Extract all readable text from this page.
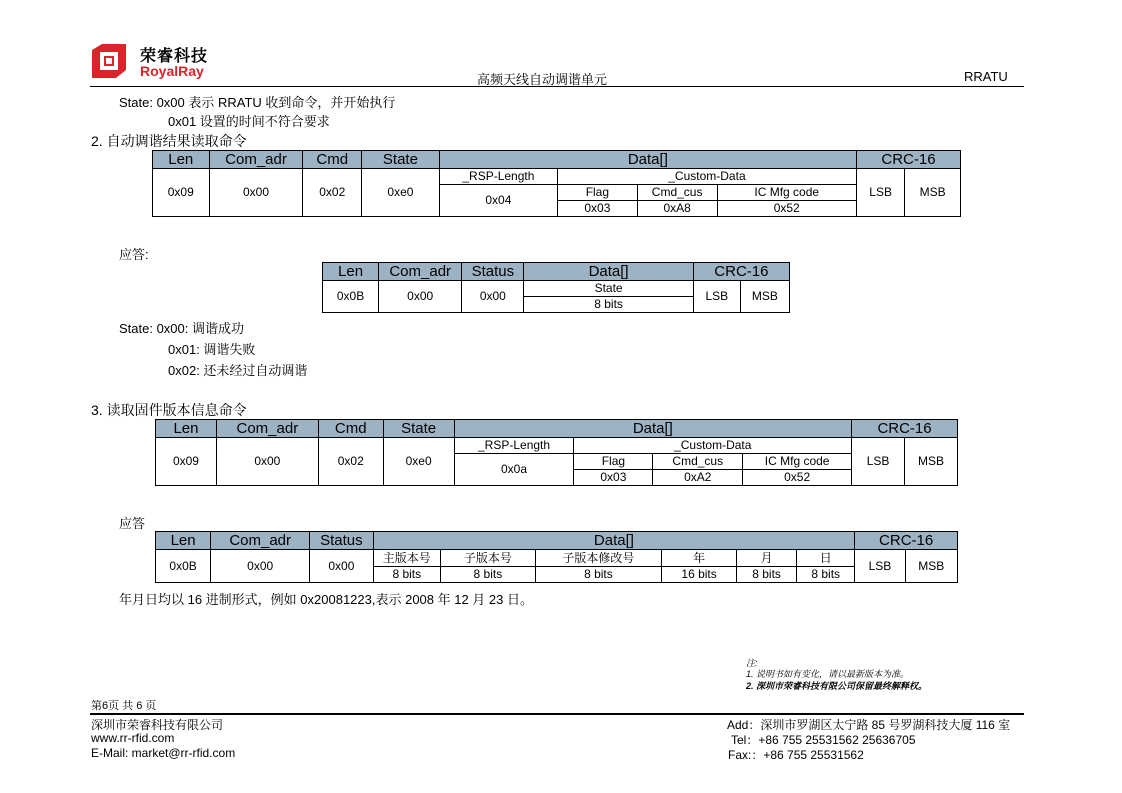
荣睿科技
RoyalRay
高频天线自动调谐单元	RRATU
State: 0x00 表示 RRATU 收到命令，并开始执行
0x01 设置的时间不符合要求
2. 自动调谐结果读取命令
Len	Com_adr	Cmd	State	Data[]				CRC-16	
0x09	0x00	0x02	0xe0	_RSP-Length	_Custom-Data			LSB	MSB
				0x04	Flag	Cmd_cus	IC Mfg code		
					0x03	0xA8	0x52		
应答:
Len	Com_adr	Status	Data[]	CRC-16	
0x0B	0x00	0x00	State	LSB	MSB
			8 bits		
State: 0x00: 调谐成功
0x01: 调谐失败
0x02: 还未经过自动调谐
3. 读取固件版本信息命令
Len	Com_adr	Cmd	State	Data[]				CRC-16	
0x09	0x00	0x02	0xe0	_RSP-Length	_Custom-Data			LSB	MSB
				0x0a	Flag	Cmd_cus	IC Mfg code		
					0x03	0xA2	0x52		
应答
Len	Com_adr	Status	Data[]						CRC-16	
0x0B	0x00	0x00	主版本号	子版本号	子版本修改号	年	月	日	LSB	MSB
			8 bits	8 bits	8 bits	16 bits	8 bits	8 bits		
年月日均以 16 进制形式，例如 0x20081223,表示 2008 年 12 月 23 日。
注:
1. 说明书如有变化，请以最新版本为准。
2. 深圳市荣睿科技有限公司保留最终解释权。
第6页 共 6 页
深圳市荣睿科技有限公司
www.rr-rfid.com
E-Mail: market@rr-rfid.com
Add：深圳市罗湖区太宁路 85 号罗湖科技大厦 116 室
Tel：+86 755 25531562 25636705
Fax:：+86 755 25531562
